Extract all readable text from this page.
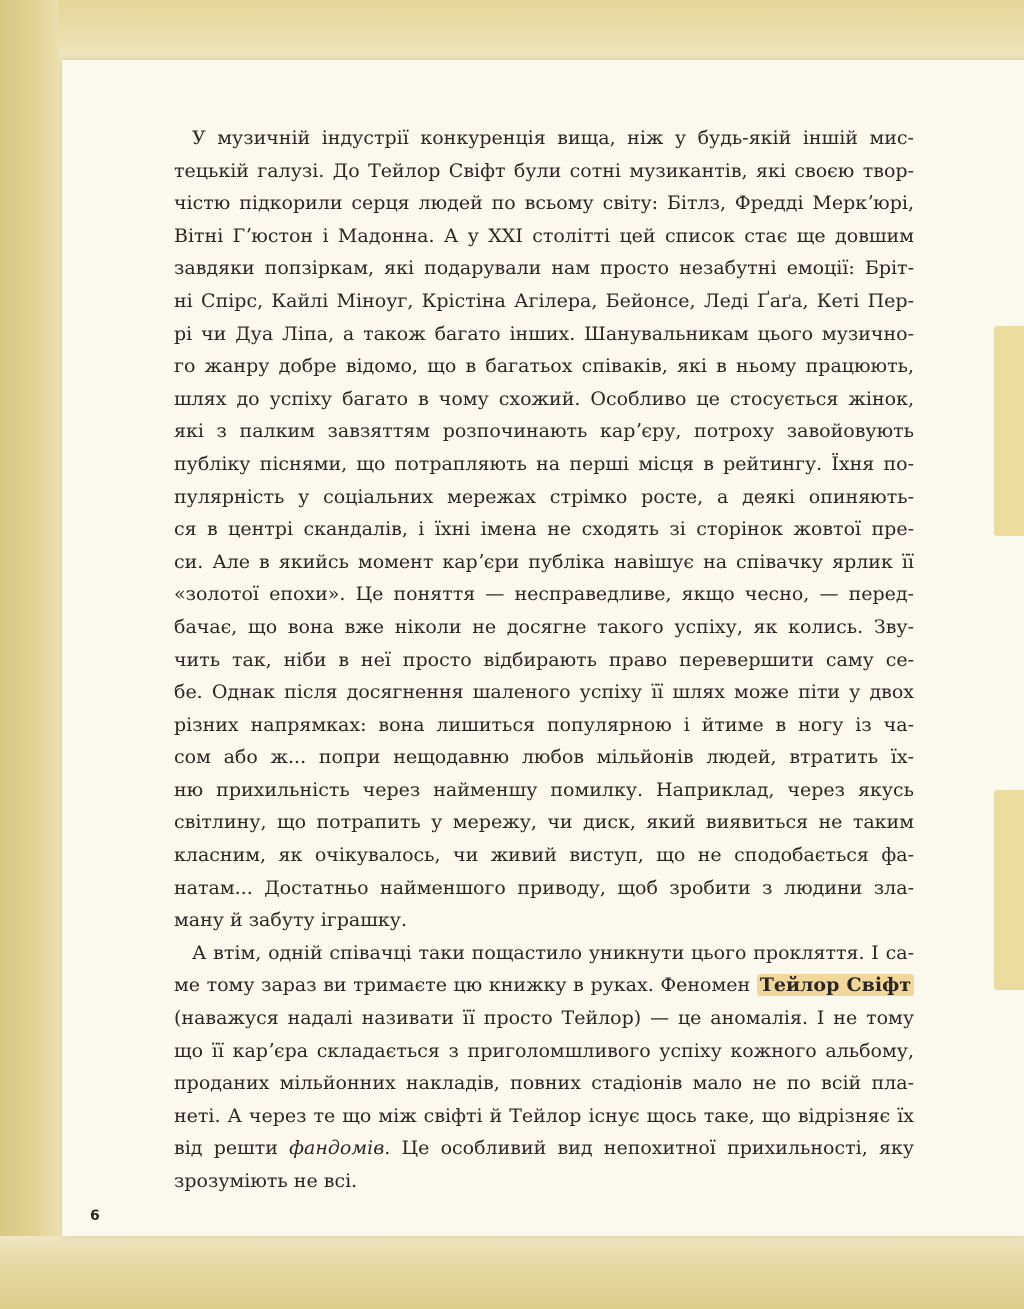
У музичній індустрії конкуренція вища, ніж у будь-якій іншій мис-
тецькій галузі. До Тейлор Свіфт були сотні музикантів, які своєю твор-
чістю підкорили серця людей по всьому світу: Бітлз, Фредді Меркʼюрі,
Вітні Гʼюстон і Мадонна. А у XXI столітті цей список стає ще довшим
завдяки попзіркам, які подарували нам просто незабутні емоції: Бріт-
ні Спірс, Кайлі Міноуг, Крістіна Агілера, Бейонсе, Леді Ґаґа, Кеті Пер-
рі чи Дуа Ліпа, а також багато інших. Шанувальникам цього музично-
го жанру добре відомо, що в багатьох співаків, які в ньому працюють,
шлях до успіху багато в чому схожий. Особливо це стосується жінок,
які з палким завзяттям розпочинають карʼєру, потроху завойовують
публіку піснями, що потрапляють на перші місця в рейтингу. Їхня по-
пулярність у соціальних мережах стрімко росте, а деякі опиняють-
ся в центрі скандалів, і їхні імена не сходять зі сторінок жовтої пре-
си. Але в якийсь момент карʼєри публіка навішує на співачку ярлик її
«золотої епохи». Це поняття — несправедливе, якщо чесно, — перед-
бачає, що вона вже ніколи не досягне такого успіху, як колись. Зву-
чить так, ніби в неї просто відбирають право перевершити саму се-
бе. Однак після досягнення шаленого успіху її шлях може піти у двох
різних напрямках: вона лишиться популярною і йтиме в ногу із ча-
сом або ж... попри нещодавню любов мільйонів людей, втратить їх-
ню прихильність через найменшу помилку. Наприклад, через якусь
світлину, що потрапить у мережу, чи диск, який виявиться не таким
класним, як очікувалось, чи живий виступ, що не сподобається фа-
натам... Достатньо найменшого приводу, щоб зробити з людини зла-
ману й забуту іграшку.
А втім, одній співачці таки пощастило уникнути цього прокляття. І са-
ме тому зараз ви тримаєте цю книжку в руках. Феномен Тейлор Свіфт
(наважуся надалі називати її просто Тейлор) — це аномалія. І не тому
що її карʼєра складається з приголомшливого успіху кожного альбому,
проданих мільйонних накладів, повних стадіонів мало не по всій пла-
неті. А через те що між свіфті й Тейлор існує щось таке, що відрізняє їх
від решти фандомів. Це особливий вид непохитної прихильності, яку
зрозуміють не всі.
6
